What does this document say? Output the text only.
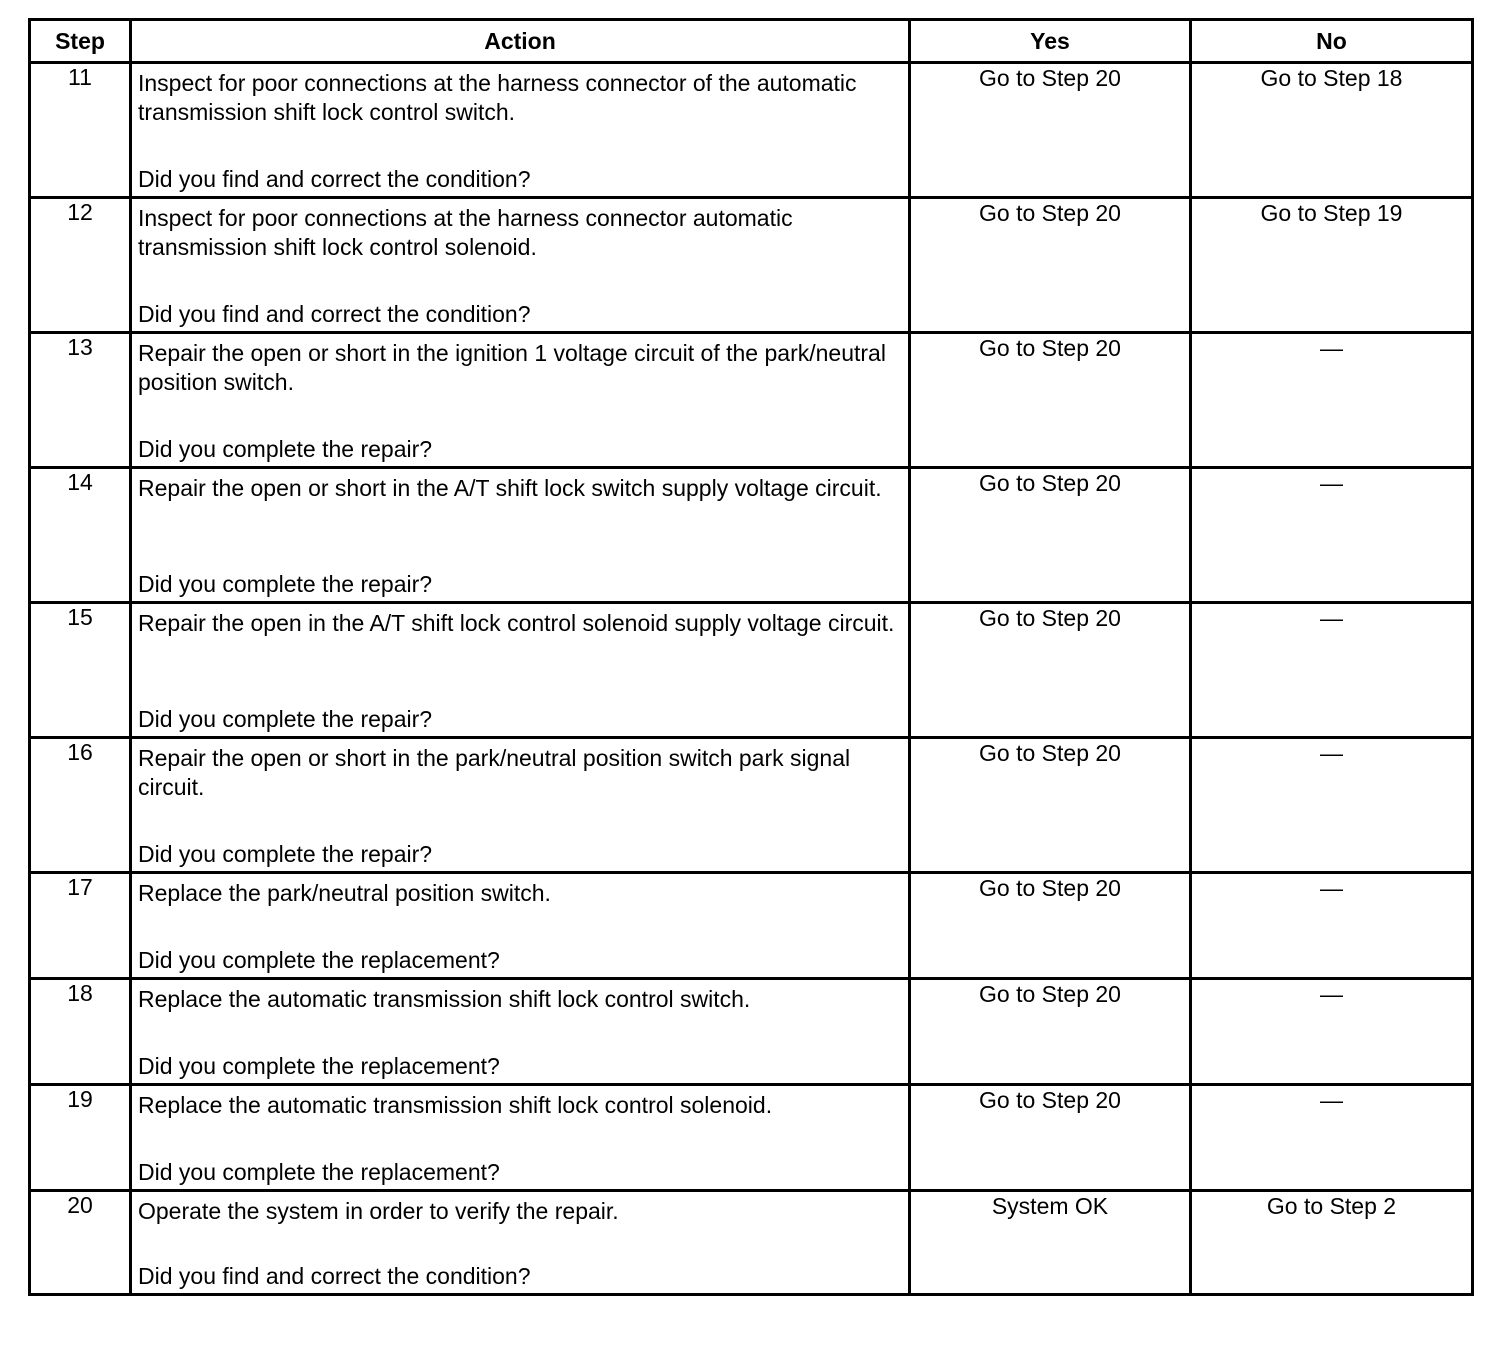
Step	Action	Yes	No
11	Inspect for poor connections at the harness connector of the automatic transmission shift lock control switch.
Did you find and correct the condition?	Go to Step 20	Go to Step 18
12	Inspect for poor connections at the harness connector automatic transmission shift lock control solenoid.
Did you find and correct the condition?	Go to Step 20	Go to Step 19
13	Repair the open or short in the ignition 1 voltage circuit of the park/neutral position switch.
Did you complete the repair?	Go to Step 20	—
14	Repair the open or short in the A/T shift lock switch supply voltage circuit.
Did you complete the repair?	Go to Step 20	—
15	Repair the open in the A/T shift lock control solenoid supply voltage circuit.
Did you complete the repair?	Go to Step 20	—
16	Repair the open or short in the park/neutral position switch park signal circuit.
Did you complete the repair?	Go to Step 20	—
17	Replace the park/neutral position switch.
Did you complete the replacement?	Go to Step 20	—
18	Replace the automatic transmission shift lock control switch.
Did you complete the replacement?	Go to Step 20	—
19	Replace the automatic transmission shift lock control solenoid.
Did you complete the replacement?	Go to Step 20	—
20	Operate the system in order to verify the repair.
Did you find and correct the condition?	System OK	Go to Step 2
